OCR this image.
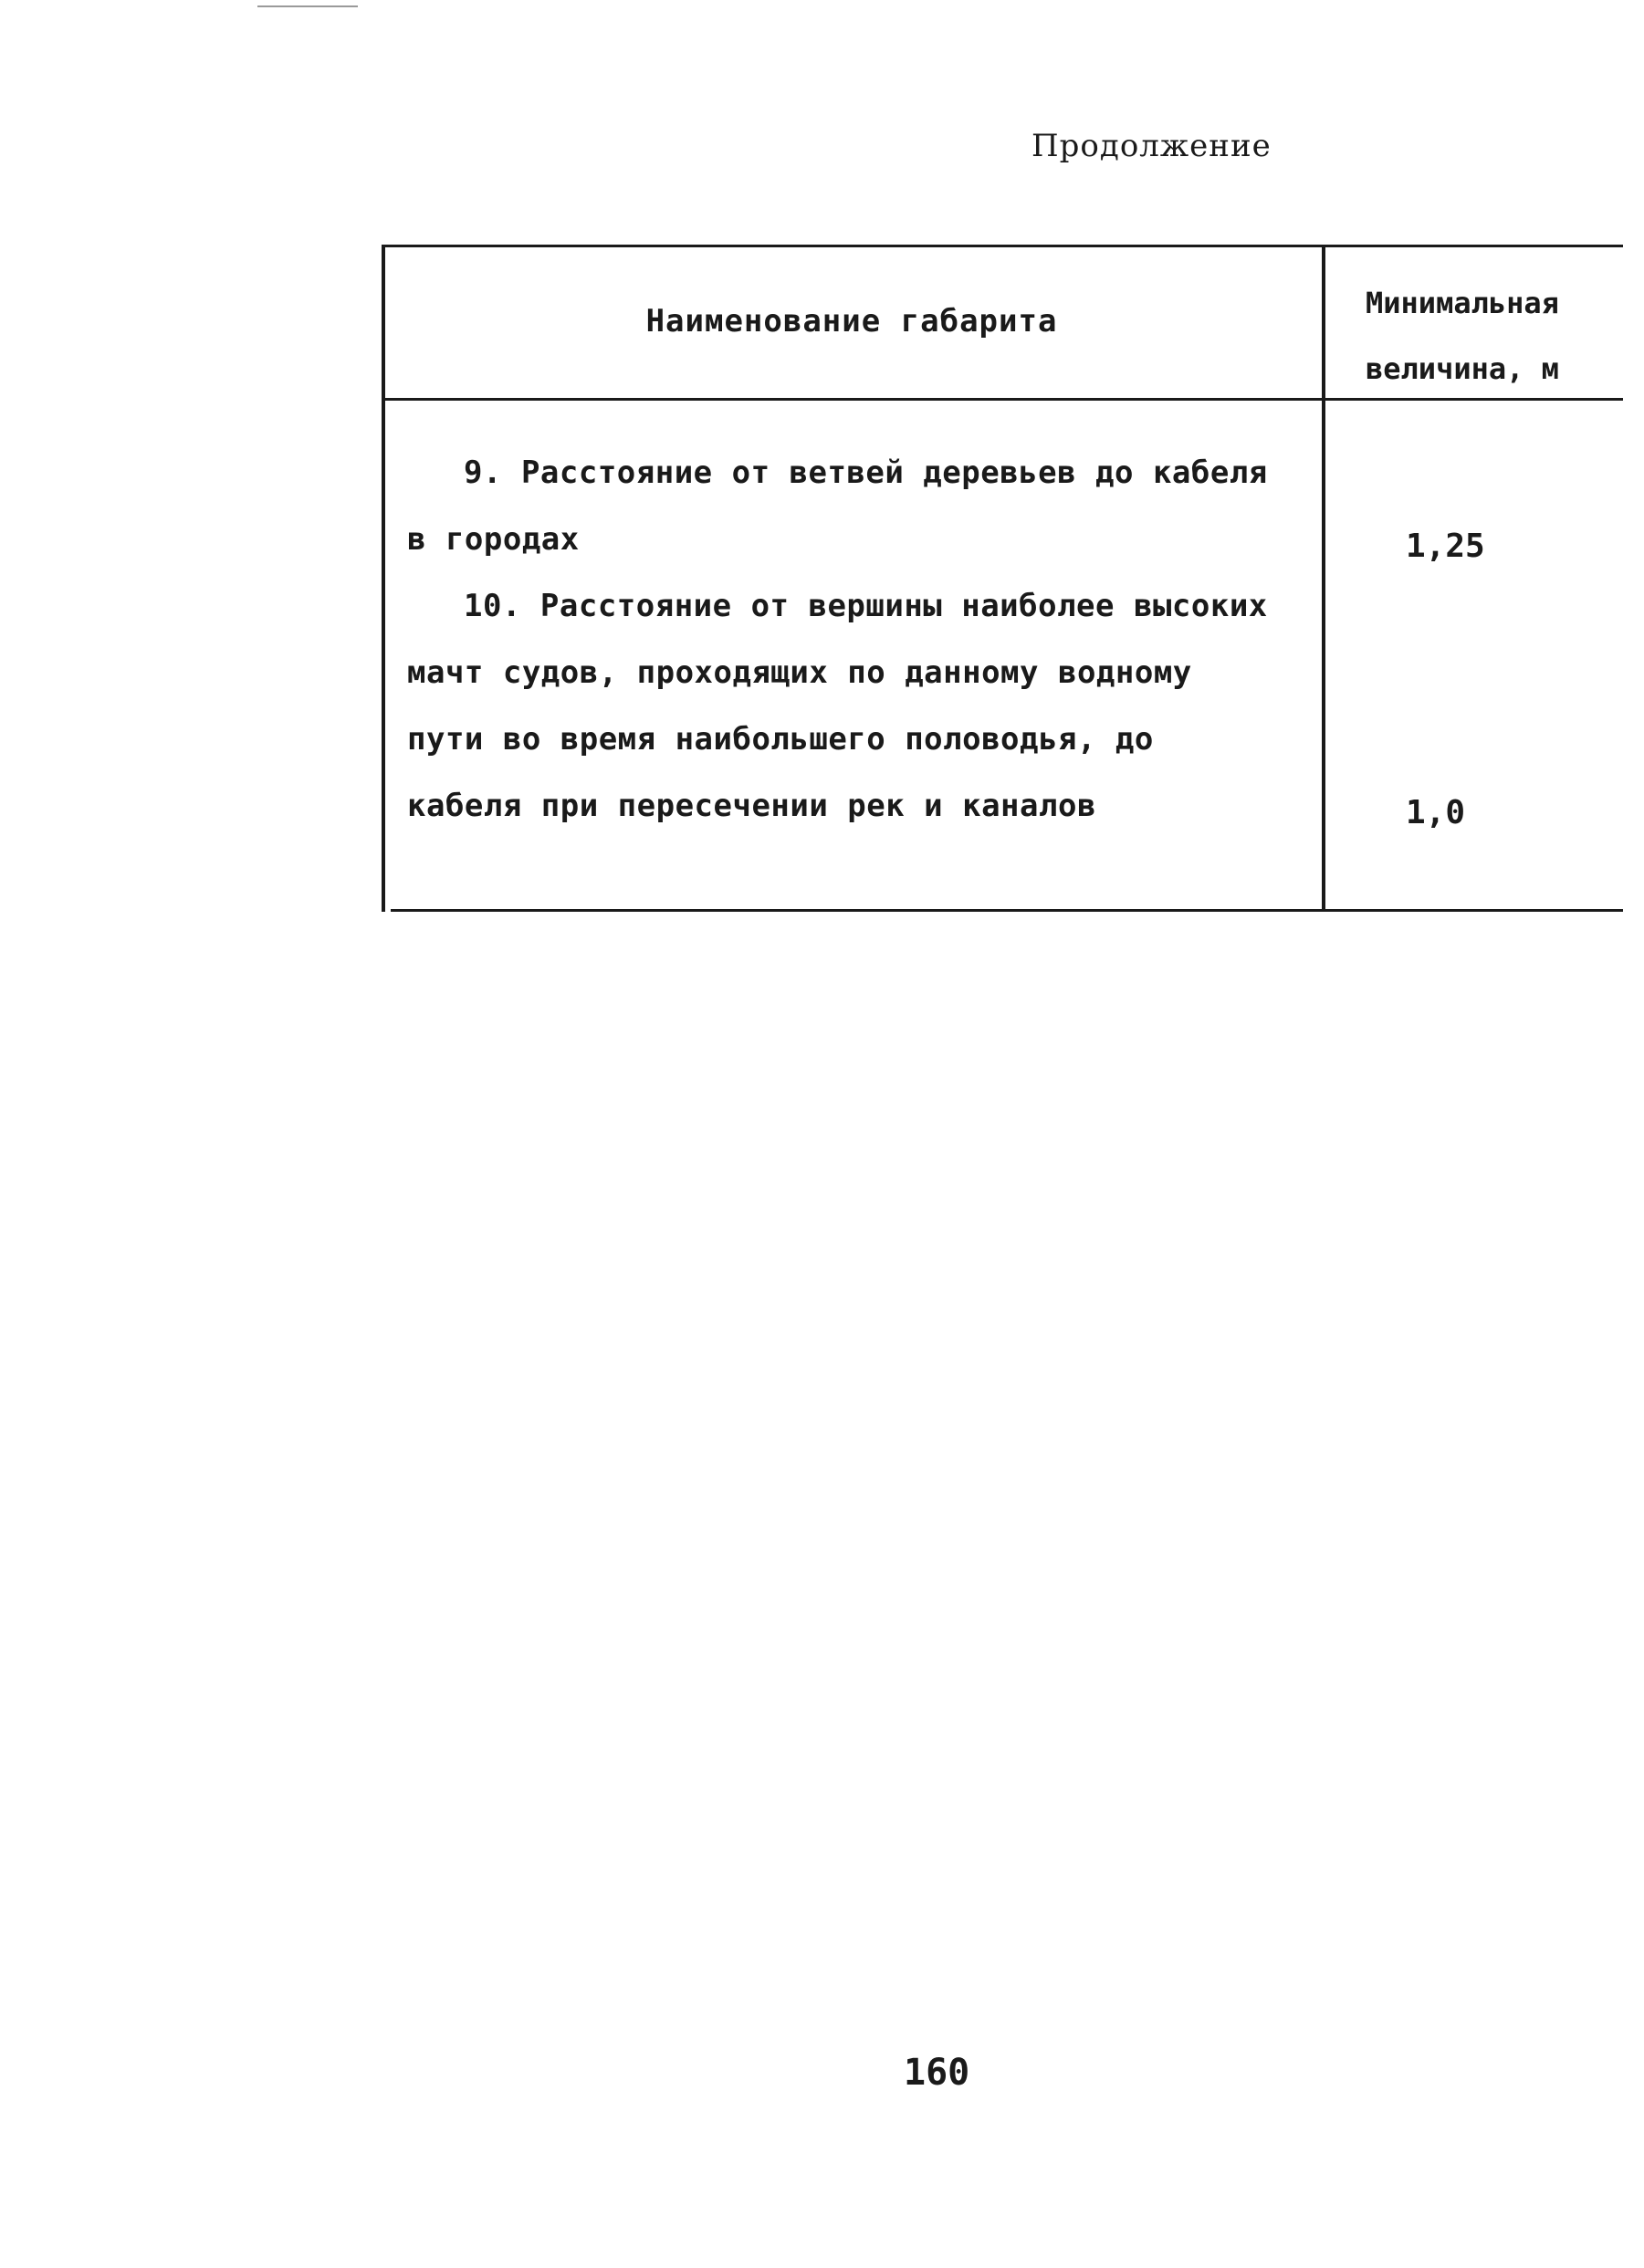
Продолжение
Наименование габарита	Минимальная
величина, м
9. Расстояние от ветвей деревьев до кабеля
в городах	1,25
10. Расстояние от вершины наиболее высоких
мачт судов, проходящих по данному водному
пути во время наибольшего половодья, до
кабеля при пересечении рек и каналов	1,0
160
